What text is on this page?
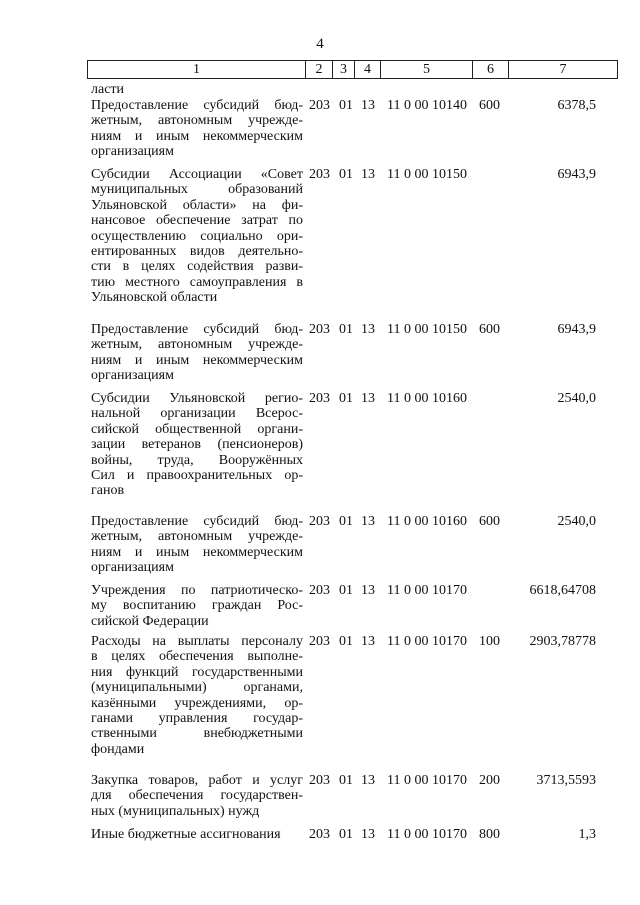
4
1	2	3	4	5	6	7
ласти
Предоставление субсидий бюд-
жетным, автономным учрежде-
ниям и иным некоммерческим
организациям
203 01 13 11 0 00 10140 600	6378,5
Субсидии Ассоциации «Совет
муниципальных образований
Ульяновской области» на фи-
нансовое обеспечение затрат по
осуществлению социально ори-
ентированных видов деятельно-
сти в целях содействия разви-
тию местного самоуправления в
Ульяновской области
203 01 13 11 0 00 10150	6943,9
Предоставление субсидий бюд-
жетным, автономным учрежде-
ниям и иным некоммерческим
организациям
203 01 13 11 0 00 10150 600	6943,9
Субсидии Ульяновской регио-
нальной организации Всерос-
сийской общественной органи-
зации ветеранов (пенсионеров)
войны, труда, Вооружённых
Сил и правоохранительных ор-
ганов
203 01 13 11 0 00 10160	2540,0
Предоставление субсидий бюд-
жетным, автономным учрежде-
ниям и иным некоммерческим
организациям
203 01 13 11 0 00 10160 600	2540,0
Учреждения по патриотическо-
му воспитанию граждан Рос-
сийской Федерации
203 01 13 11 0 00 10170	6618,64708
Расходы на выплаты персоналу
в целях обеспечения выполне-
ния функций государственными
(муниципальными) органами,
казёнными учреждениями, ор-
ганами управления государ-
ственными внебюджетными
фондами
203 01 13 11 0 00 10170 100 2903,78778
Закупка товаров, работ и услуг
для обеспечения государствен-
ных (муниципальных) нужд
203 01 13 11 0 00 10170 200	3713,5593
Иные бюджетные ассигнования	203 01 13 11 0 00 10170 800	1,3
